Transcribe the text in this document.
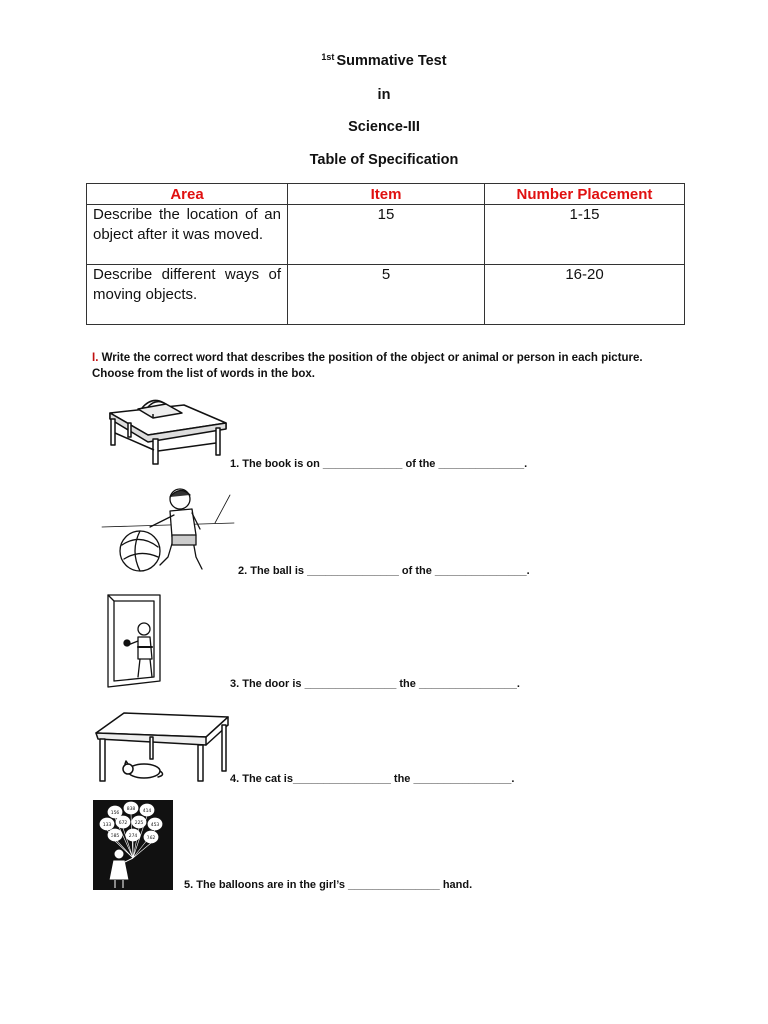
$^{1st}$ Summative Test
in
Science-III
Table of Specification
Area	Item	Number Placement
Describe the location of an object after it was moved.	15	1-15
Describe different ways of moving objects.	5	16-20
I. Write the correct word that describes the position of the object or animal or person in each picture. Choose from the list of words in the box.
1. The book is on _____________ of the ______________.
2. The ball is _______________ of the _______________.
3. The door is _______________ the ________________.
4. The cat is________________ the ________________.
156
838 414
133 672 225 453
585 274 162
5. The balloons are in the girl’s _______________ hand.
